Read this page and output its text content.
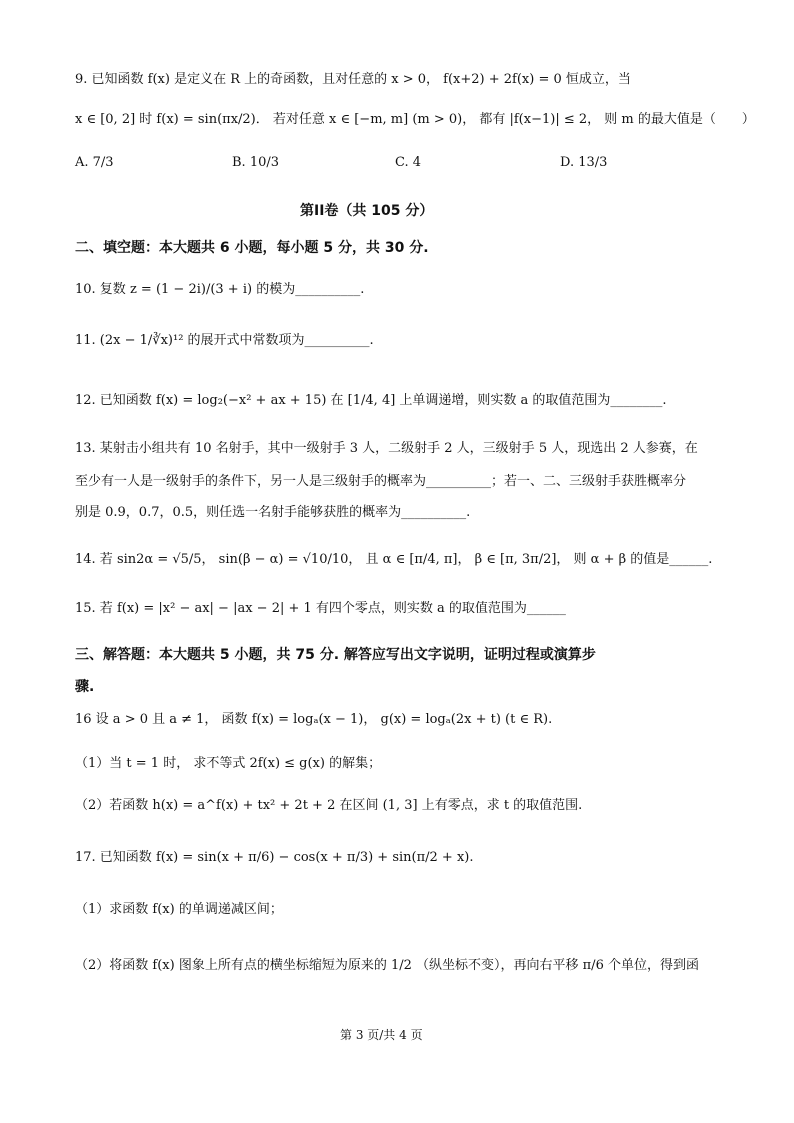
9. 已知函数 f(x) 是定义在 R 上的奇函数，且对任意的 x > 0， f(x+2) + 2f(x) = 0 恒成立，当
x ∈ [0, 2] 时 f(x) = sin(πx/2)． 若对任意 x ∈ [−m, m] (m > 0)， 都有 |f(x−1)| ≤ 2， 则 m 的最大值是（　　）
A. 7/3	B. 10/3	C. 4	D. 13/3
第II卷（共 105 分）
二、填空题：本大题共 6 小题，每小题 5 分，共 30 分.
10. 复数 z = (1 − 2i)/(3 + i) 的模为__________.
11. (2x − 1/∛x)¹² 的展开式中常数项为__________.
12. 已知函数 f(x) = log₂(−x² + ax + 15) 在 [1/4, 4] 上单调递增，则实数 a 的取值范围为________.
13. 某射击小组共有 10 名射手，其中一级射手 3 人，二级射手 2 人，三级射手 5 人，现选出 2 人参赛，在
至少有一人是一级射手的条件下，另一人是三级射手的概率为__________；若一、二、三级射手获胜概率分
别是 0.9，0.7，0.5，则任选一名射手能够获胜的概率为__________.
14. 若 sin2α = √5/5， sin(β − α) = √10/10， 且 α ∈ [π/4, π]， β ∈ [π, 3π/2]， 则 α + β 的值是______.
15. 若 f(x) = |x² − ax| − |ax − 2| + 1 有四个零点，则实数 a 的取值范围为______
三、解答题：本大题共 5 小题，共 75 分. 解答应写出文字说明，证明过程或演算步
骤.
16 设 a > 0 且 a ≠ 1， 函数 f(x) = logₐ(x − 1)， g(x) = logₐ(2x + t) (t ∈ R).
（1）当 t = 1 时， 求不等式 2f(x) ≤ g(x) 的解集；
（2）若函数 h(x) = a^f(x) + tx² + 2t + 2 在区间 (1, 3] 上有零点，求 t 的取值范围.
17. 已知函数 f(x) = sin(x + π/6) − cos(x + π/3) + sin(π/2 + x).
（1）求函数 f(x) 的单调递减区间；
（2）将函数 f(x) 图象上所有点的横坐标缩短为原来的 1/2 （纵坐标不变），再向右平移 π/6 个单位，得到函
第 3 页/共 4 页
